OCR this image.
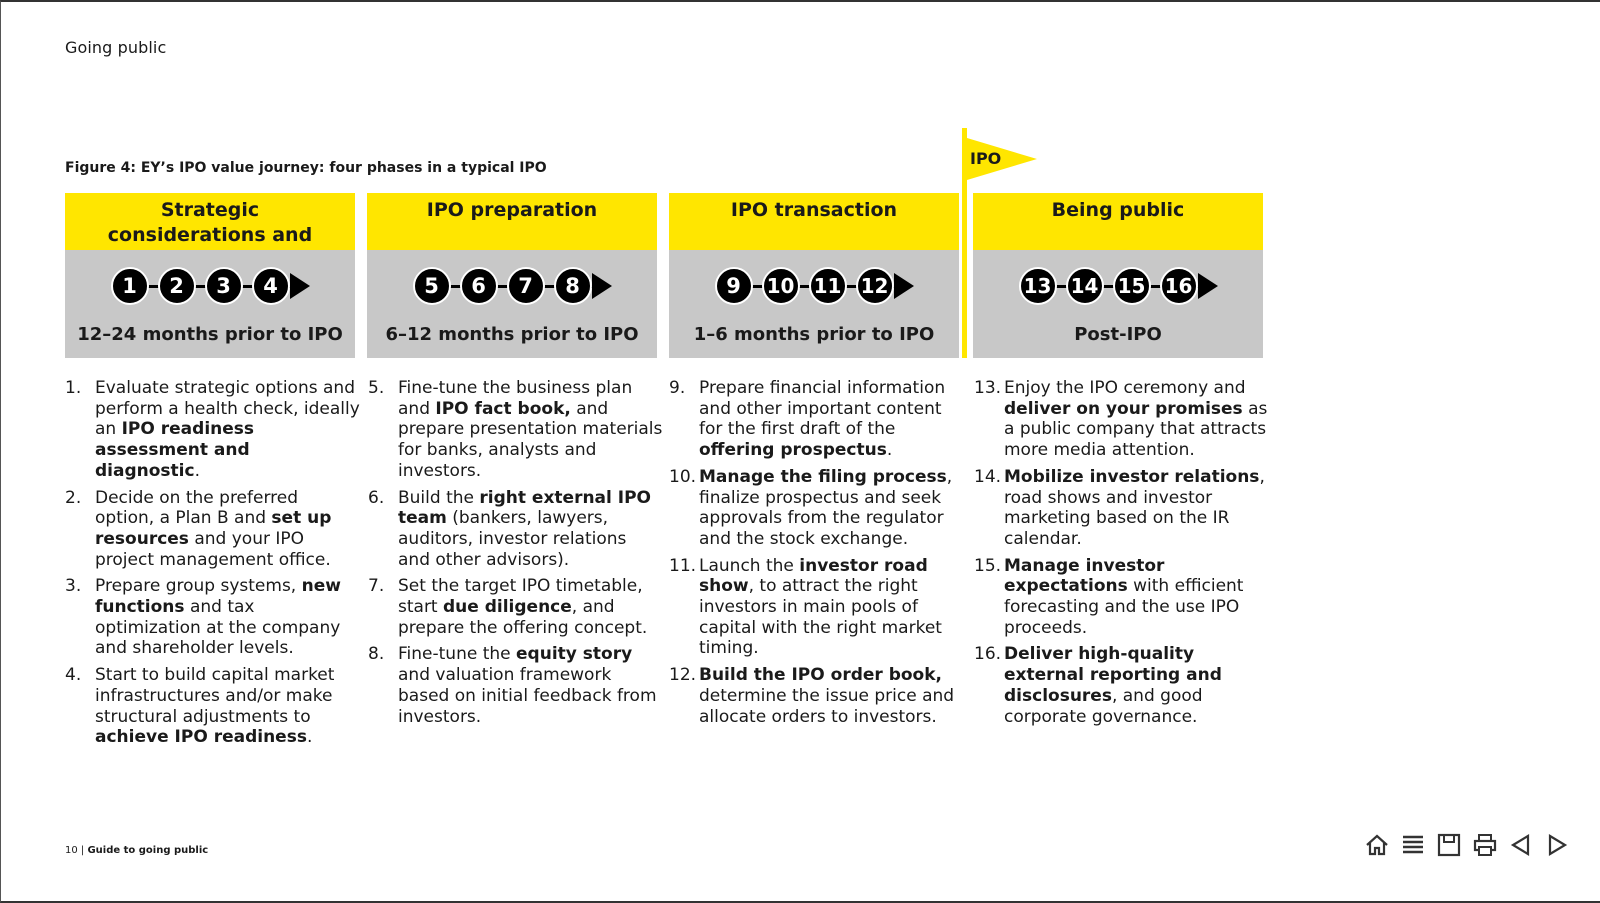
Going public
Figure 4: EY’s IPO value journey: four phases in a typical IPO	IPO
Strategic considerations and
1	2	3	4
12–24 months prior to IPO
IPO preparation
5	6	7	8
6–12 months prior to IPO
IPO transaction
9	10 11 12
1–6 months prior to IPO
Being public
13 14 15 16
Post-IPO
1. Evaluate strategic options and perform a health check, ideally an IPO readiness assessment and diagnostic.
2. Decide on the preferred option, a Plan B and set up resources and your IPO project management office.
3. Prepare group systems, new functions and tax optimization at the company and shareholder levels.
4. Start to build capital market infrastructures and/or make structural adjustments to achieve IPO readiness.
5. Fine-tune the business plan and IPO fact book, and prepare presentation materials for banks, analysts and investors.
6. Build the right external IPO team (bankers, lawyers, auditors, investor relations and other advisors).
7. Set the target IPO timetable, start due diligence, and prepare the offering concept.
8. Fine-tune the equity story and valuation framework based on initial feedback from investors.
9. Prepare financial information and other important content for the first draft of the offering prospectus.
10. Manage the filing process, finalize prospectus and seek approvals from the regulator and the stock exchange.
11. Launch the investor road show, to attract the right investors in main pools of capital with the right market timing.
12. Build the IPO order book, determine the issue price and allocate orders to investors.
13. Enjoy the IPO ceremony and deliver on your promises as a public company that attracts more media attention.
14. Mobilize investor relations, road shows and investor marketing based on the IR calendar.
15. Manage investor expectations with efficient forecasting and the use IPO proceeds.
16. Deliver high-quality external reporting and disclosures, and good corporate governance.
10 | Guide to going public
